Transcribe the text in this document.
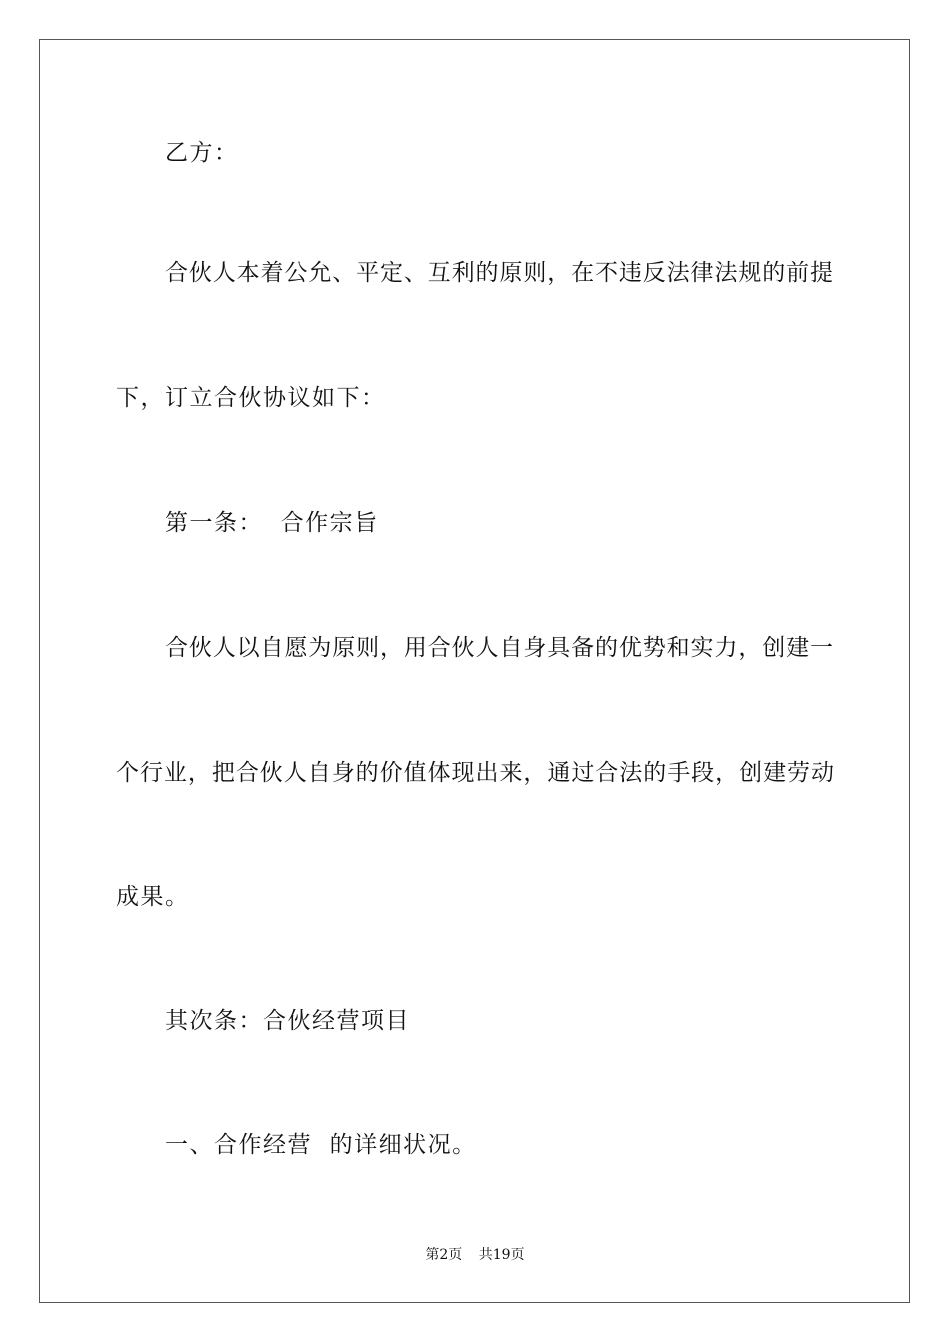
乙方：
合伙人本着公允、平定、互利的原则，在不违反法律法规的前提
下，订立合伙协议如下：
第一条：  合作宗旨
合伙人以自愿为原则，用合伙人自身具备的优势和实力，创建一
个行业，把合伙人自身的价值体现出来，通过合法的手段，创建劳动
成果。
其次条：合伙经营项目
一、合作经营  的详细状况。
第2页 共19页
